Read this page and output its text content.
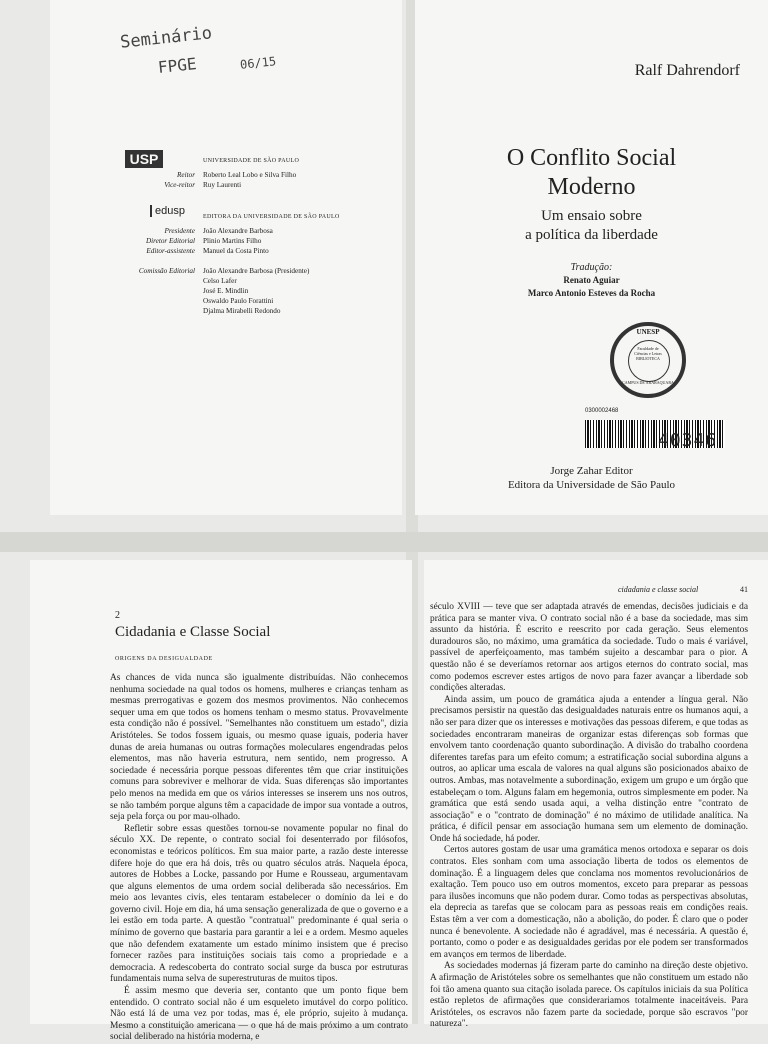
Seminário
FPGE	06/15
USP	UNIVERSIDADE DE SÃO PAULO
Reitor Roberto Leal Lobo e Silva Filho
Vice-reitor Ruy Laurenti
edusp	EDITORA DA UNIVERSIDADE DE SÃO PAULO
Presidente João Alexandre Barbosa
Diretor Editorial Plinio Martins Filho
Editor-assistente Manuel da Costa Pinto
Comissão Editorial João Alexandre Barbosa (Presidente)
Celso Lafer
José E. Mindlin
Oswaldo Paulo Forattini
Djalma Mirabelli Redondo
Ralf Dahrendorf
O Conflito Social
Moderno
Um ensaio sobre
a política da liberdade
Tradução:
Renato Aguiar
Marco Antonio Esteves da Rocha
UNESP
Faculdade de Ciências e Letras BIBLIOTECA
CAMPUS DE ARARAQUARA
0300002468
40346
Jorge Zahar Editor
Editora da Universidade de São Paulo
2
Cidadania e Classe Social
ORIGENS DA DESIGUALDADE

As chances de vida nunca são igualmente distribuídas. Não conhecemos nenhuma sociedade na qual todos os homens, mulheres e crianças tenham as mesmas prerrogativas e gozem dos mesmos provimentos. Não conhecemos sequer uma em que todos os homens tenham o mesmo status. Provavelmente esta condição não é possível. "Semelhantes não constituem um estado", dizia Aristóteles. Se todos fossem iguais, ou mesmo quase iguais, poderia haver dunas de areia humanas ou outras formações moleculares engendradas pelos elementos, mas não haveria estrutura, nem sentido, nem progresso. A sociedade é necessária porque pessoas diferentes têm que criar instituições comuns para sobreviver e melhorar de vida. Suas diferenças são importantes pelo menos na medida em que os vários interesses se inserem uns nos outros, se não também porque alguns têm a capacidade de impor sua vontade a outros, seja pela força ou por mau-olhado.

Refletir sobre essas questões tornou-se novamente popular no final do século XX. De repente, o contrato social foi desenterrado por filósofos, economistas e teóricos políticos. Em sua maior parte, a razão deste interesse difere hoje do que era há dois, três ou quatro séculos atrás. Naquela época, autores de Hobbes a Locke, passando por Hume e Rousseau, argumentavam que alguns elementos de uma ordem social deliberada são necessários. Em meio aos levantes civis, eles tentaram estabelecer o domínio da lei e do governo civil. Hoje em dia, há uma sensação generalizada de que o governo e a lei estão em toda parte. A questão "contratual" predominante é qual seria o mínimo de governo que bastaria para garantir a lei e a ordem. Mesmo aqueles que não defendem exatamente um estado mínimo insistem que é preciso fornecer razões para instituições sociais tais como a propriedade e a democracia. A redescoberta do contrato social surge da busca por estruturas fundamentais numa selva de superestruturas de muitos tipos.

É assim mesmo que deveria ser, contanto que um ponto fique bem entendido. O contrato social não é um esqueleto imutável do corpo político. Não está lá de uma vez por todas, mas é, ele próprio, sujeito à mudança. Mesmo a constituição americana — o que há de mais próximo a um contrato social deliberado na história moderna, e

cidadania e classe social	41

século XVIII — teve que ser adaptada através de emendas, decisões judiciais e da prática para se manter viva. O contrato social não é a base da sociedade, mas sim assunto da história. É escrito e reescrito por cada geração. Seus elementos duradouros são, no máximo, uma gramática da sociedade. Tudo o mais é variável, passível de aperfeiçoamento, mas também sujeito a descambar para o pior. A questão não é se deveríamos retornar aos artigos eternos do contrato social, mas como podemos escrever estes artigos de novo para fazer avançar a liberdade sob condições alteradas.

Ainda assim, um pouco de gramática ajuda a entender a língua geral. Não precisamos persistir na questão das desigualdades naturais entre os humanos aqui, a não ser para dizer que os interesses e motivações das pessoas diferem, e que todas as sociedades encontraram maneiras de organizar estas diferenças sob formas que envolvem tanto coordenação quanto subordinação. A divisão do trabalho coordena diferentes tarefas para um efeito comum; a estratificação social subordina alguns a outros, ao aplicar uma escala de valores na qual alguns são posicionados abaixo de outros. Ambas, mas notavelmente a subordinação, exigem um grupo e um órgão que estabeleçam o tom. Alguns falam em hegemonia, outros simplesmente em poder. Na gramática que está sendo usada aqui, a velha distinção entre "contrato de associação" e o "contrato de dominação" é no máximo de utilidade analítica. Na prática, é difícil pensar em associação humana sem um elemento de dominação. Onde há sociedade, há poder.

Certos autores gostam de usar uma gramática menos ortodoxa e separar os dois contratos. Eles sonham com uma associação liberta de todos os elementos de dominação. É a linguagem deles que conclama nos momentos revolucionários de exaltação. Tem pouco uso em outros momentos, exceto para preparar as pessoas para ilusões incomuns que não podem durar. Como todas as perspectivas absolutas, ela deprecia as tarefas que se colocam para as pessoas reais em condições reais. Estas têm a ver com a domesticação, não a abolição, do poder. É claro que o poder nunca é benevolente. A sociedade não é agradável, mas é necessária. A questão é, portanto, como o poder e as desigualdades geridas por ele podem ser transformados em avanços em termos de liberdade.

As sociedades modernas já fizeram parte do caminho na direção deste objetivo. A afirmação de Aristóteles sobre os semelhantes que não constituem um estado não foi tão amena quanto sua citação isolada parece. Os capítulos iniciais da sua Política estão repletos de afirmações que considerariamos totalmente inaceitáveis. Para Aristóteles, os escravos não fazem parte da sociedade, porque são escravos "por natureza".
